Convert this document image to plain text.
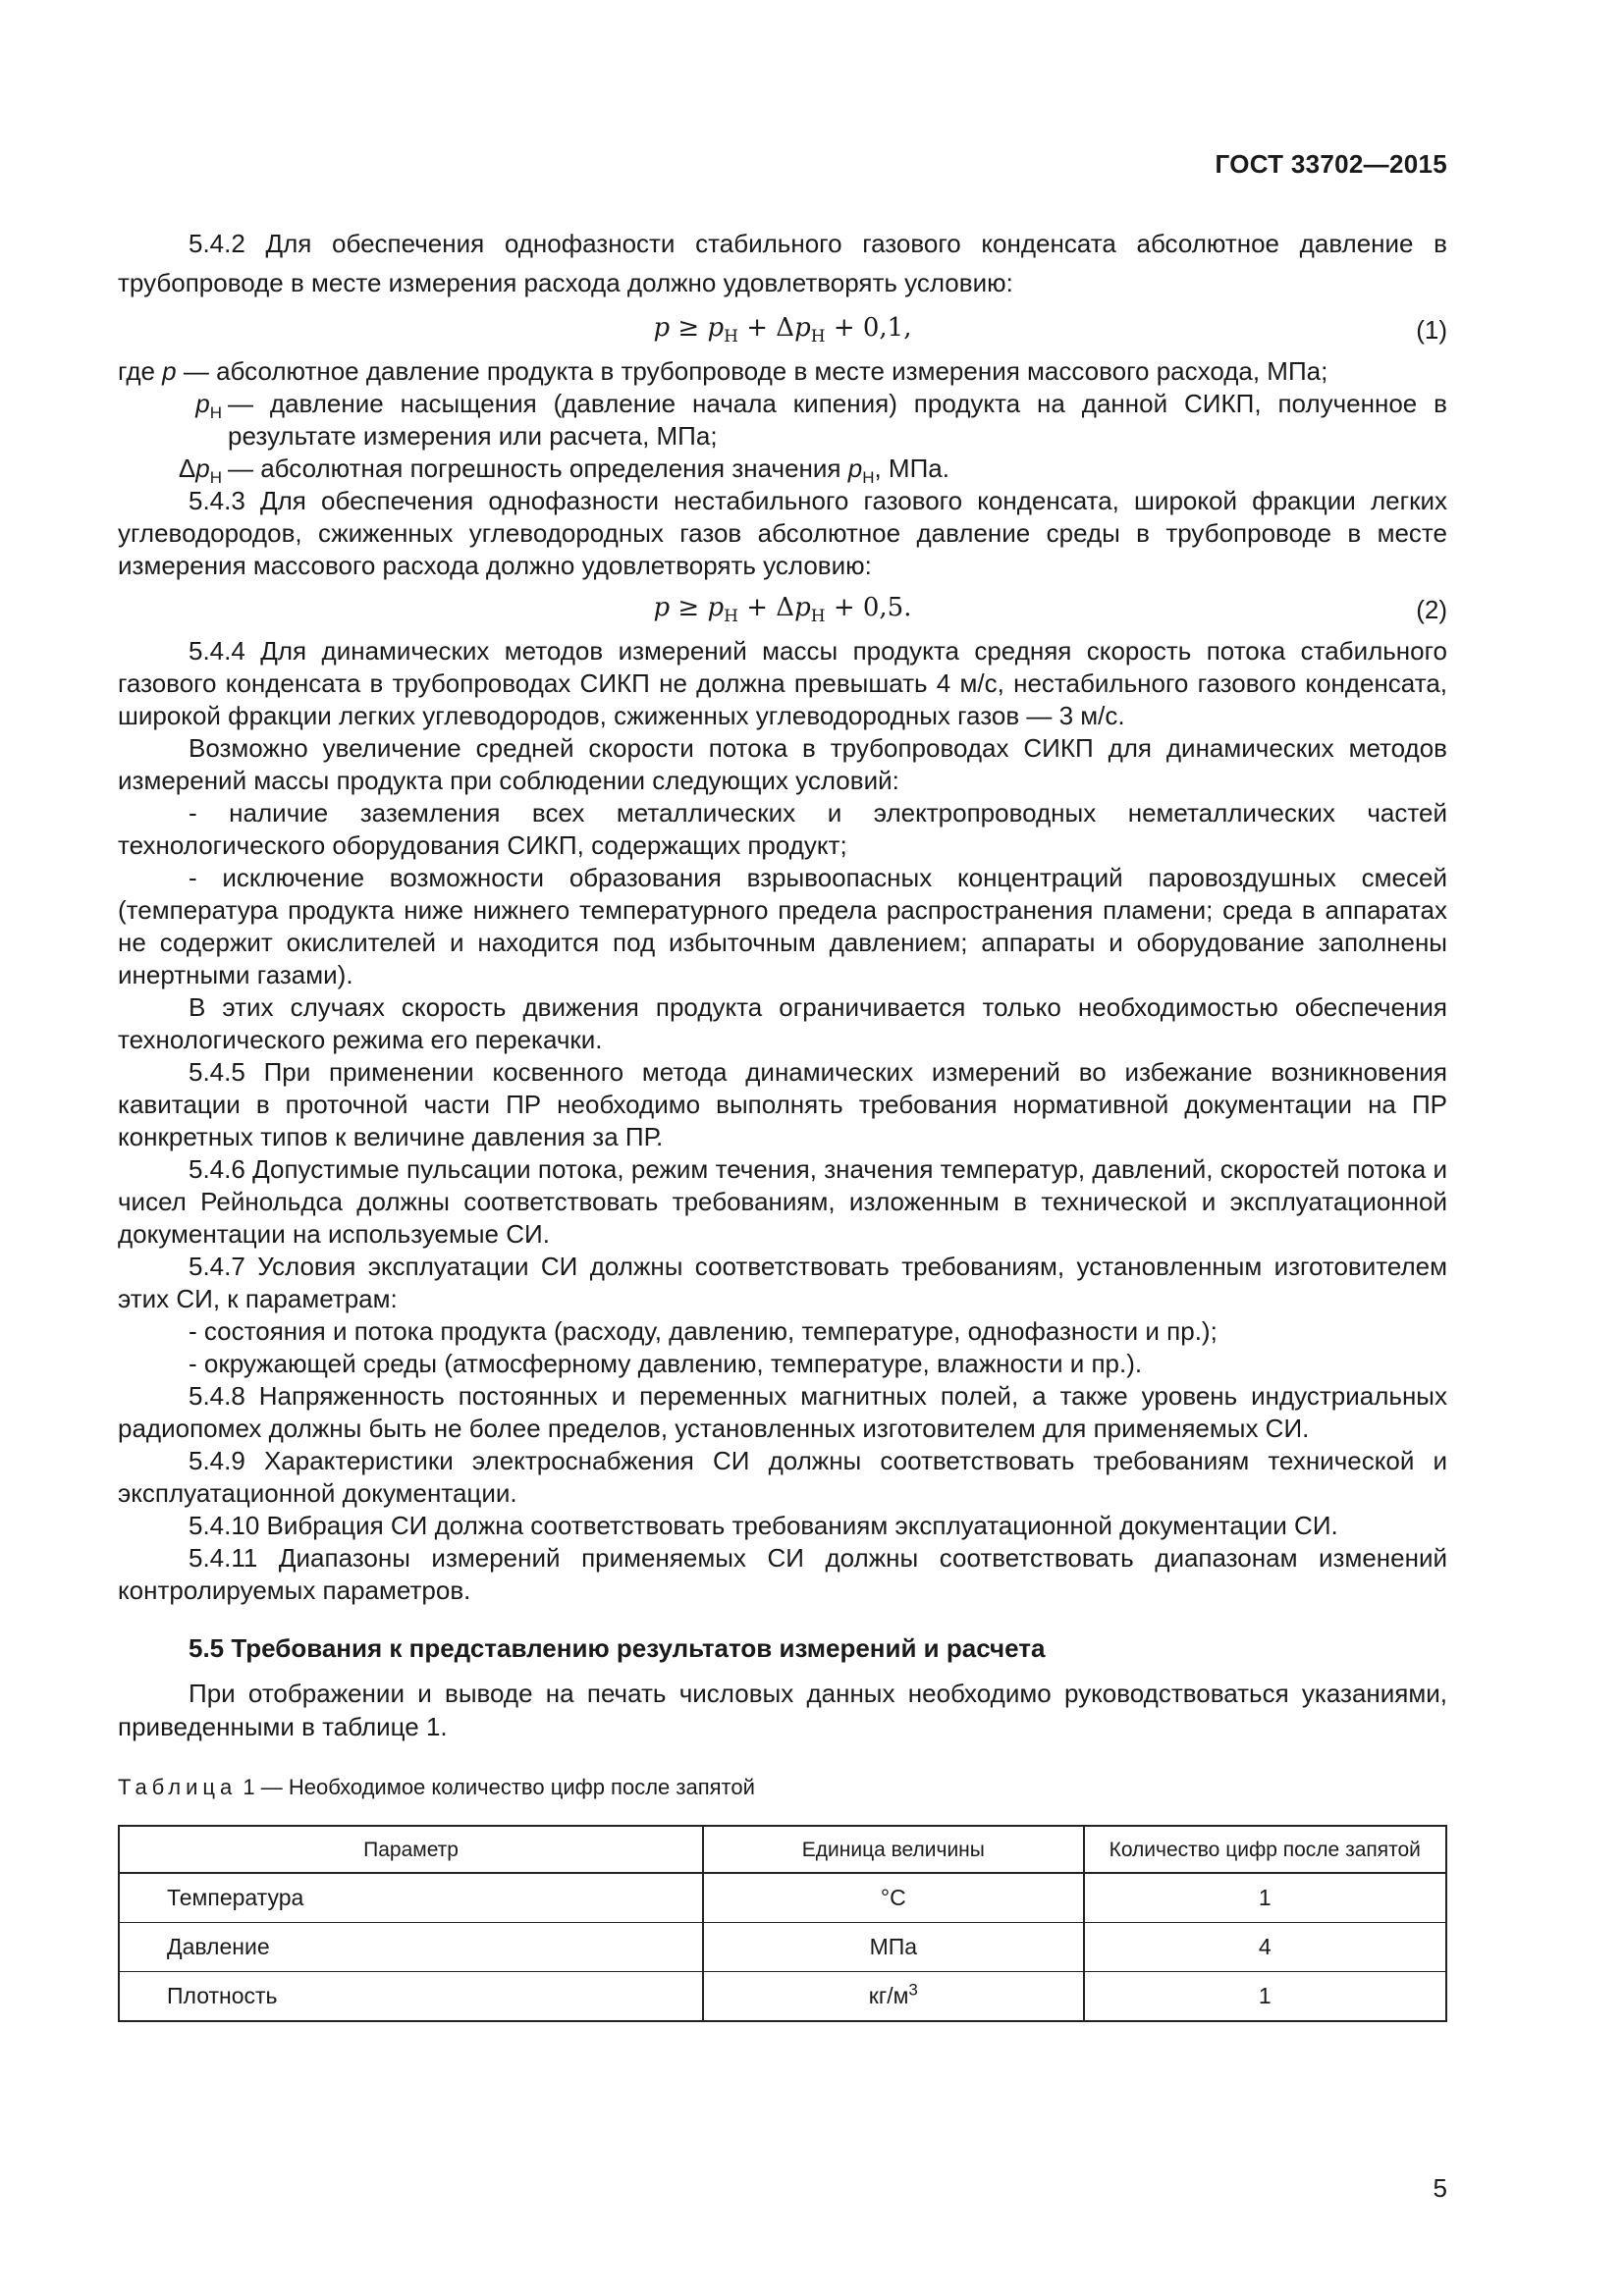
ГОСТ 33702—2015

5.4.2 Для обеспечения однофазности стабильного газового конденсата абсолютное давление в трубопроводе в месте измерения расхода должно удовлетворять условию:

$p \ge p_Н + \Delta p_Н + 0,1$,	(1)

где p — абсолютное давление продукта в трубопроводе в месте измерения массового расхода, МПа;

$p_Н$ — давление насыщения (давление начала кипения) продукта на данной СИКП, полученное в результате измерения или расчета, МПа;
$\Delta p_Н$ — абсолютная погрешность определения значения $p_Н$, МПа.

5.4.3 Для обеспечения однофазности нестабильного газового конденсата, широкой фракции легких углеводородов, сжиженных углеводородных газов абсолютное давление среды в трубопроводе в месте измерения массового расхода должно удовлетворять условию:

$p \ge p_Н + \Delta p_Н + 0,5$.	(2)

5.4.4 Для динамических методов измерений массы продукта средняя скорость потока стабильного газового конденсата в трубопроводах СИКП не должна превышать 4 м/с, нестабильного газового конденсата, широкой фракции легких углеводородов, сжиженных углеводородных газов — 3 м/с.

Возможно увеличение средней скорости потока в трубопроводах СИКП для динамических методов измерений массы продукта при соблюдении следующих условий:

- наличие заземления всех металлических и электропроводных неметаллических частей технологического оборудования СИКП, содержащих продукт;

- исключение возможности образования взрывоопасных концентраций паровоздушных смесей (температура продукта ниже нижнего температурного предела распространения пламени; среда в аппаратах не содержит окислителей и находится под избыточным давлением; аппараты и оборудование заполнены инертными газами).

В этих случаях скорость движения продукта ограничивается только необходимостью обеспечения технологического режима его перекачки.

5.4.5 При применении косвенного метода динамических измерений во избежание возникновения кавитации в проточной части ПР необходимо выполнять требования нормативной документации на ПР конкретных типов к величине давления за ПР.

5.4.6 Допустимые пульсации потока, режим течения, значения температур, давлений, скоростей потока и чисел Рейнольдса должны соответствовать требованиям, изложенным в технической и эксплуатационной документации на используемые СИ.

5.4.7 Условия эксплуатации СИ должны соответствовать требованиям, установленным изготовителем этих СИ, к параметрам:

- состояния и потока продукта (расходу, давлению, температуре, однофазности и пр.);

- окружающей среды (атмосферному давлению, температуре, влажности и пр.).

5.4.8 Напряженность постоянных и переменных магнитных полей, а также уровень индустриальных радиопомех должны быть не более пределов, установленных изготовителем для применяемых СИ.

5.4.9 Характеристики электроснабжения СИ должны соответствовать требованиям технической и эксплуатационной документации.

5.4.10 Вибрация СИ должна соответствовать требованиям эксплуатационной документации СИ.

5.4.11 Диапазоны измерений применяемых СИ должны соответствовать диапазонам изменений контролируемых параметров.

5.5 Требования к представлению результатов измерений и расчета

При отображении и выводе на печать числовых данных необходимо руководствоваться указаниями, приведенными в таблице 1.

Таблица 1 — Необходимое количество цифр после запятой
Параметр	Единица величины	Количество цифр после запятой
Температура	°С	1
Давление	МПа	4
Плотность	$кг/м^3$	1
5
